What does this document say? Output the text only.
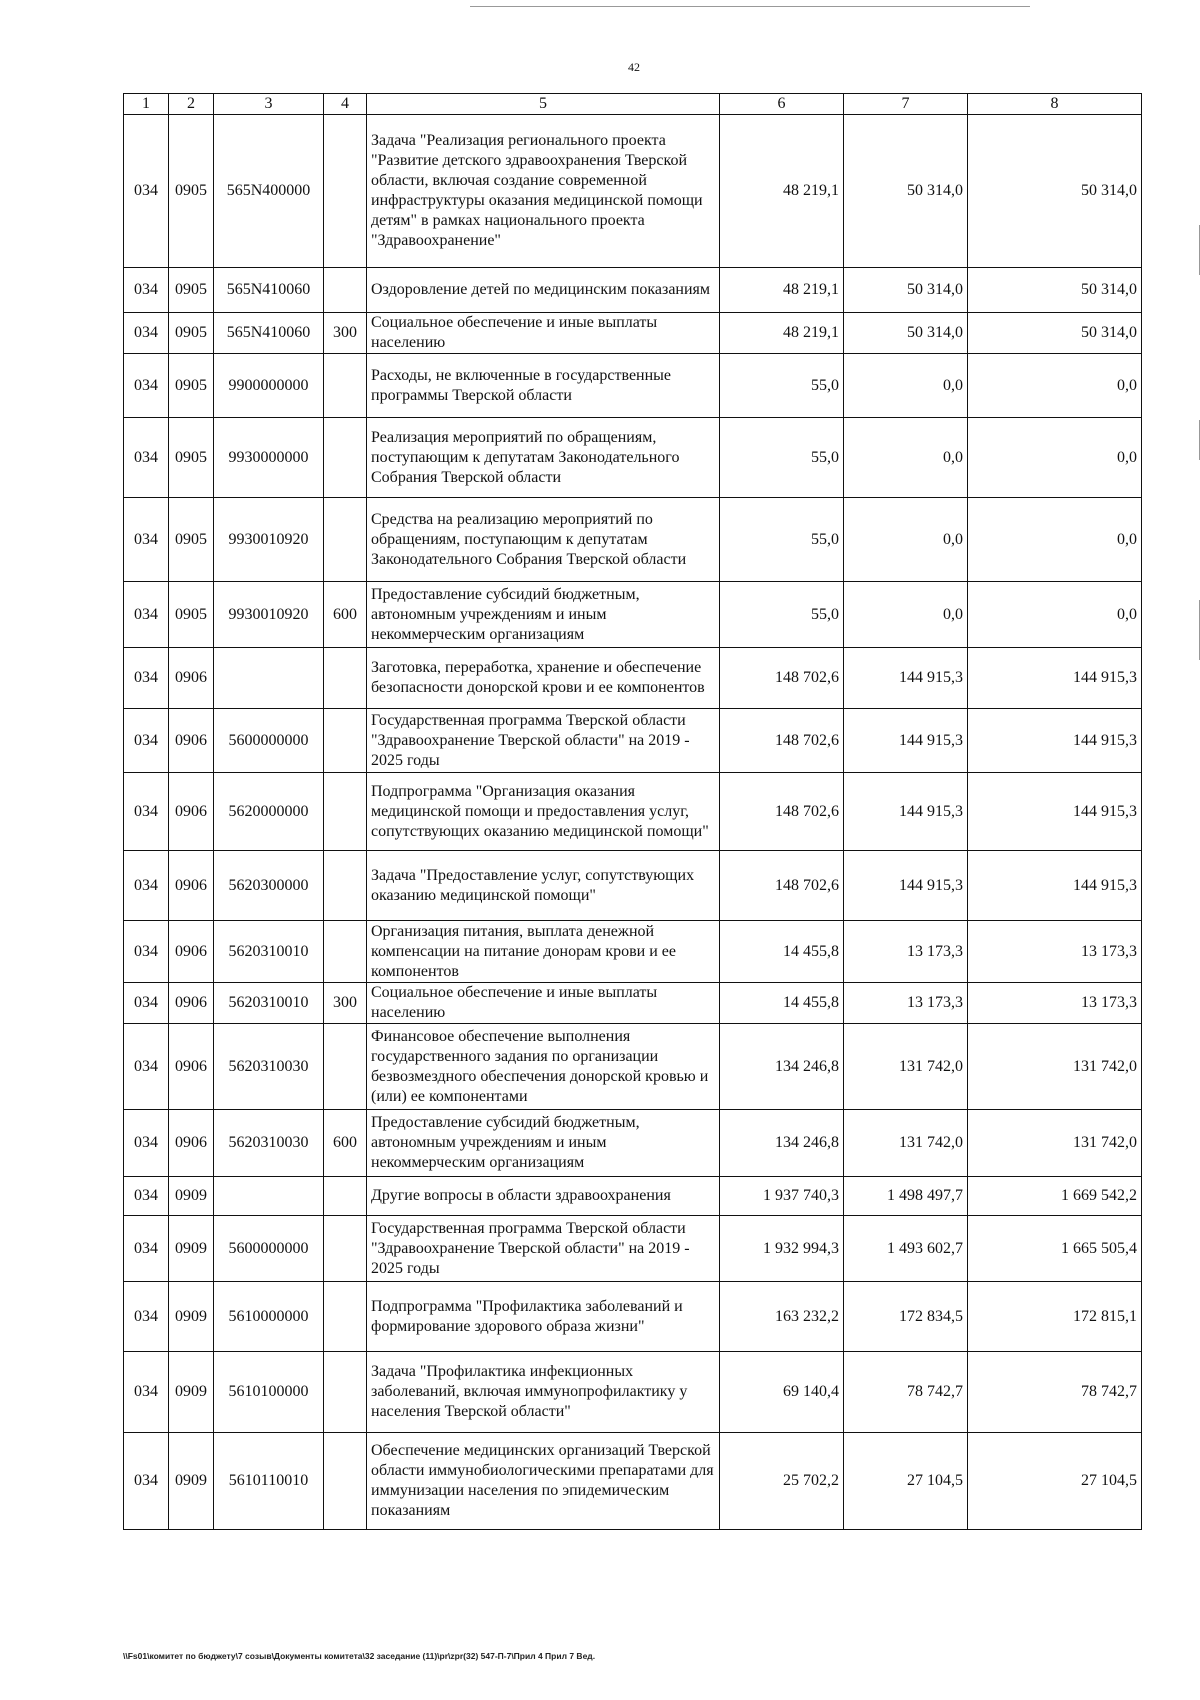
42
1	2	3	4	5	6	7	8
034	0905	565N400000		Задача "Реализация регионального проекта "Развитие детского здравоохранения Тверской области, включая создание современной инфраструктуры оказания медицинской помощи детям" в рамках национального проекта "Здравоохранение"	48 219,1	50 314,0	50 314,0
034	0905	565N410060		Оздоровление детей по медицинским показаниям	48 219,1	50 314,0	50 314,0
034	0905	565N410060	300	Социальное обеспечение и иные выплаты населению	48 219,1	50 314,0	50 314,0
034	0905	9900000000		Расходы, не включенные в государственные программы Тверской области	55,0	0,0	0,0
034	0905	9930000000		Реализация мероприятий по обращениям, поступающим к депутатам Законодательного Собрания Тверской области	55,0	0,0	0,0
034	0905	9930010920		Средства на реализацию мероприятий по обращениям, поступающим к депутатам Законодательного Собрания Тверской области	55,0	0,0	0,0
034	0905	9930010920	600	Предоставление субсидий бюджетным, автономным учреждениям и иным некоммерческим организациям	55,0	0,0	0,0
034	0906			Заготовка, переработка, хранение и обеспечение безопасности донорской крови и ее компонентов	148 702,6	144 915,3	144 915,3
034	0906	5600000000		Государственная программа Тверской области "Здравоохранение Тверской области" на 2019 - 2025 годы	148 702,6	144 915,3	144 915,3
034	0906	5620000000		Подпрограмма "Организация оказания медицинской помощи и предоставления услуг, сопутствующих оказанию медицинской помощи"	148 702,6	144 915,3	144 915,3
034	0906	5620300000		Задача "Предоставление услуг, сопутствующих оказанию медицинской помощи"	148 702,6	144 915,3	144 915,3
034	0906	5620310010		Организация питания, выплата денежной компенсации на питание донорам крови и ее компонентов	14 455,8	13 173,3	13 173,3
034	0906	5620310010	300	Социальное обеспечение и иные выплаты населению	14 455,8	13 173,3	13 173,3
034	0906	5620310030		Финансовое обеспечение выполнения государственного задания по организации безвозмездного обеспечения донорской кровью и (или) ее компонентами	134 246,8	131 742,0	131 742,0
034	0906	5620310030	600	Предоставление субсидий бюджетным, автономным учреждениям и иным некоммерческим организациям	134 246,8	131 742,0	131 742,0
034	0909			Другие вопросы в области здравоохранения	1 937 740,3	1 498 497,7	1 669 542,2
034	0909	5600000000		Государственная программа Тверской области "Здравоохранение Тверской области" на 2019 - 2025 годы	1 932 994,3	1 493 602,7	1 665 505,4
034	0909	5610000000		Подпрограмма "Профилактика заболеваний и формирование здорового образа жизни"	163 232,2	172 834,5	172 815,1
034	0909	5610100000		Задача "Профилактика инфекционных заболеваний, включая иммунопрофилактику у населения Тверской области"	69 140,4	78 742,7	78 742,7
034	0909	5610110010		Обеспечение медицинских организаций Тверской области иммунобиологическими препаратами для иммунизации населения по эпидемическим показаниям	25 702,2	27 104,5	27 104,5
\\Fs01\комитет по бюджету\7 созыв\Документы комитета\32 заседание (11)\pr\zpr(32) 547-П-7\Прил 4 Прил 7 Вед.
